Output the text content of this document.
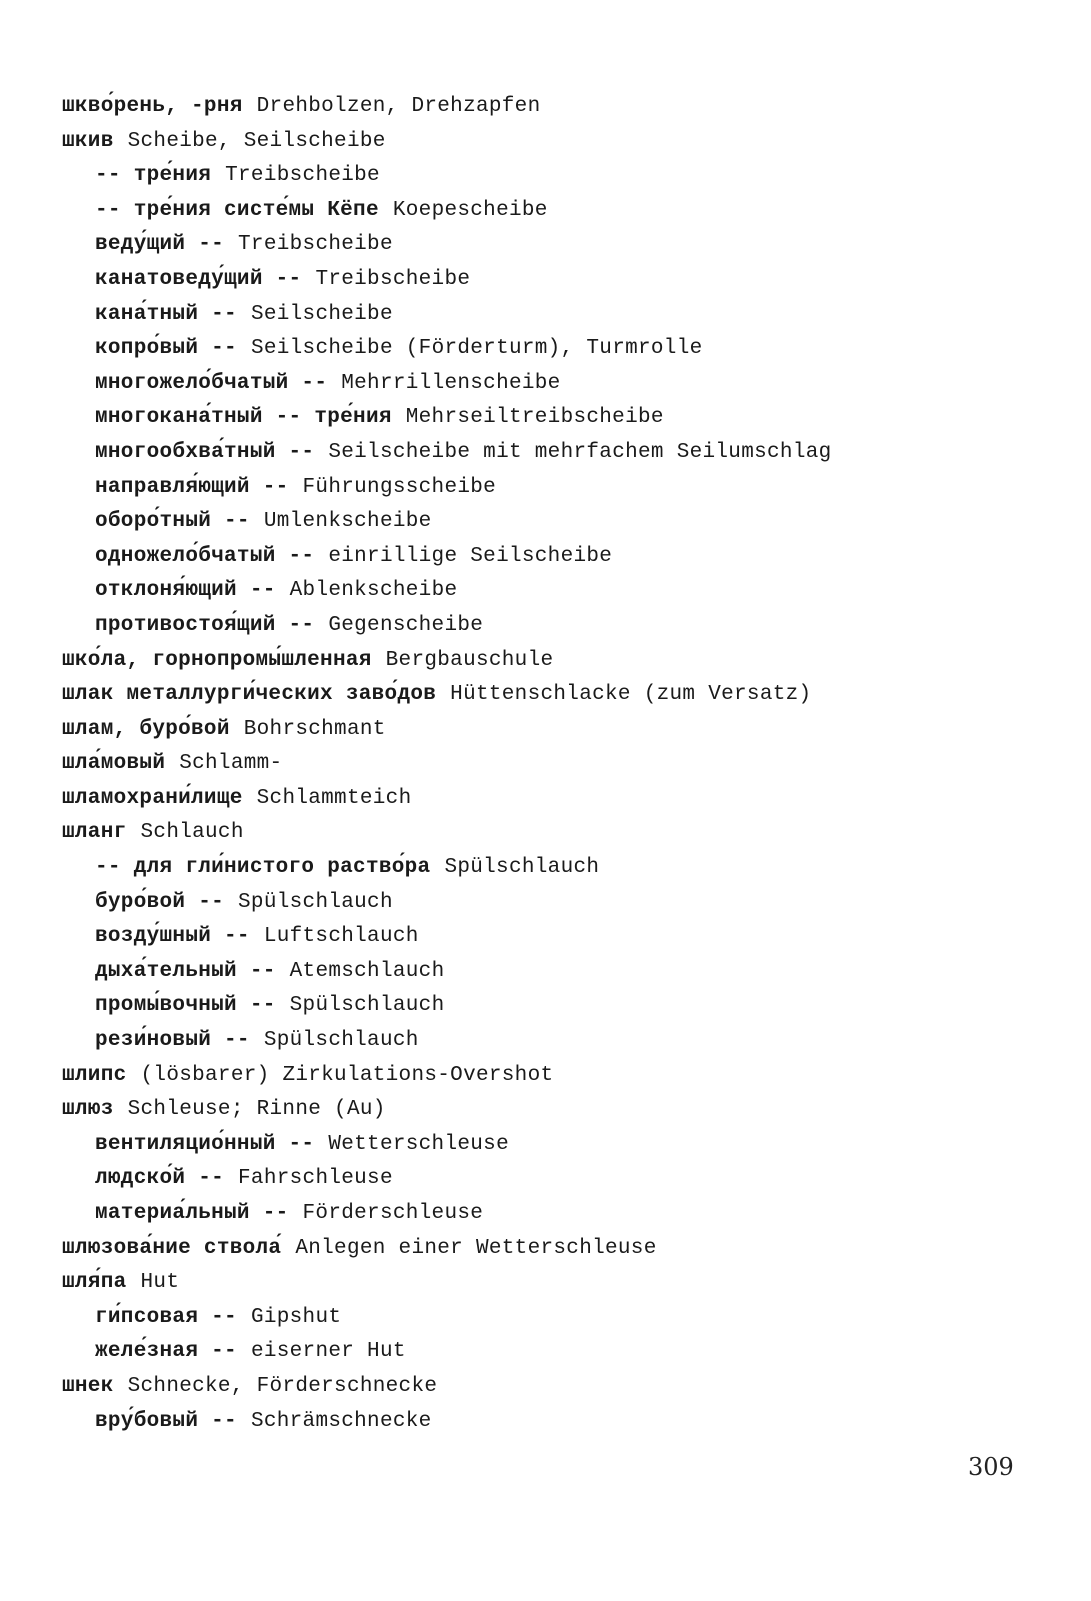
шкво́рень, -рня Drehbolzen, Drehzapfen
шкив Scheibe, Seilscheibe
-- тре́ния Treibscheibe
-- тре́ния систе́мы Кёпе Koepescheibe
веду́щий -- Treibscheibe
канатоведу́щий -- Treibscheibe
кана́тный -- Seilscheibe
копро́вый -- Seilscheibe (Förderturm), Turmrolle
многожело́бчатый -- Mehrrillenscheibe
многокана́тный -- тре́ния Mehrseiltreibscheibe
многообхва́тный -- Seilscheibe mit mehrfachem Seilumschlag
направля́ющий -- Führungsscheibe
оборо́тный -- Umlenkscheibe
одножело́бчатый -- einrillige Seilscheibe
отклоня́ющий -- Ablenkscheibe
противостоя́щий -- Gegenscheibe
шко́ла, горнопромы́шленная Bergbauschule
шлак металлурги́ческих заво́дов Hüttenschlacke (zum Versatz)
шлам, буро́вой Bohrschmant
шла́мовый Schlamm-
шламохрани́лище Schlammteich
шланг Schlauch
-- для гли́нистого раство́ра Spülschlauch
буро́вой -- Spülschlauch
возду́шный -- Luftschlauch
дыха́тельный -- Atemschlauch
промы́вочный -- Spülschlauch
рези́новый -- Spülschlauch
шлипс (lösbarer) Zirkulations-Overshot
шлюз Schleuse; Rinne (Au)
вентиляцио́нный -- Wetterschleuse
людско́й -- Fahrschleuse
материа́льный -- Förderschleuse
шлюзова́ние ствола́ Anlegen einer Wetterschleuse
шля́па Hut
ги́псовая -- Gipshut
желе́зная -- eiserner Hut
шнек Schnecke, Förderschnecke
вру́бовый -- Schrämschnecke
309
